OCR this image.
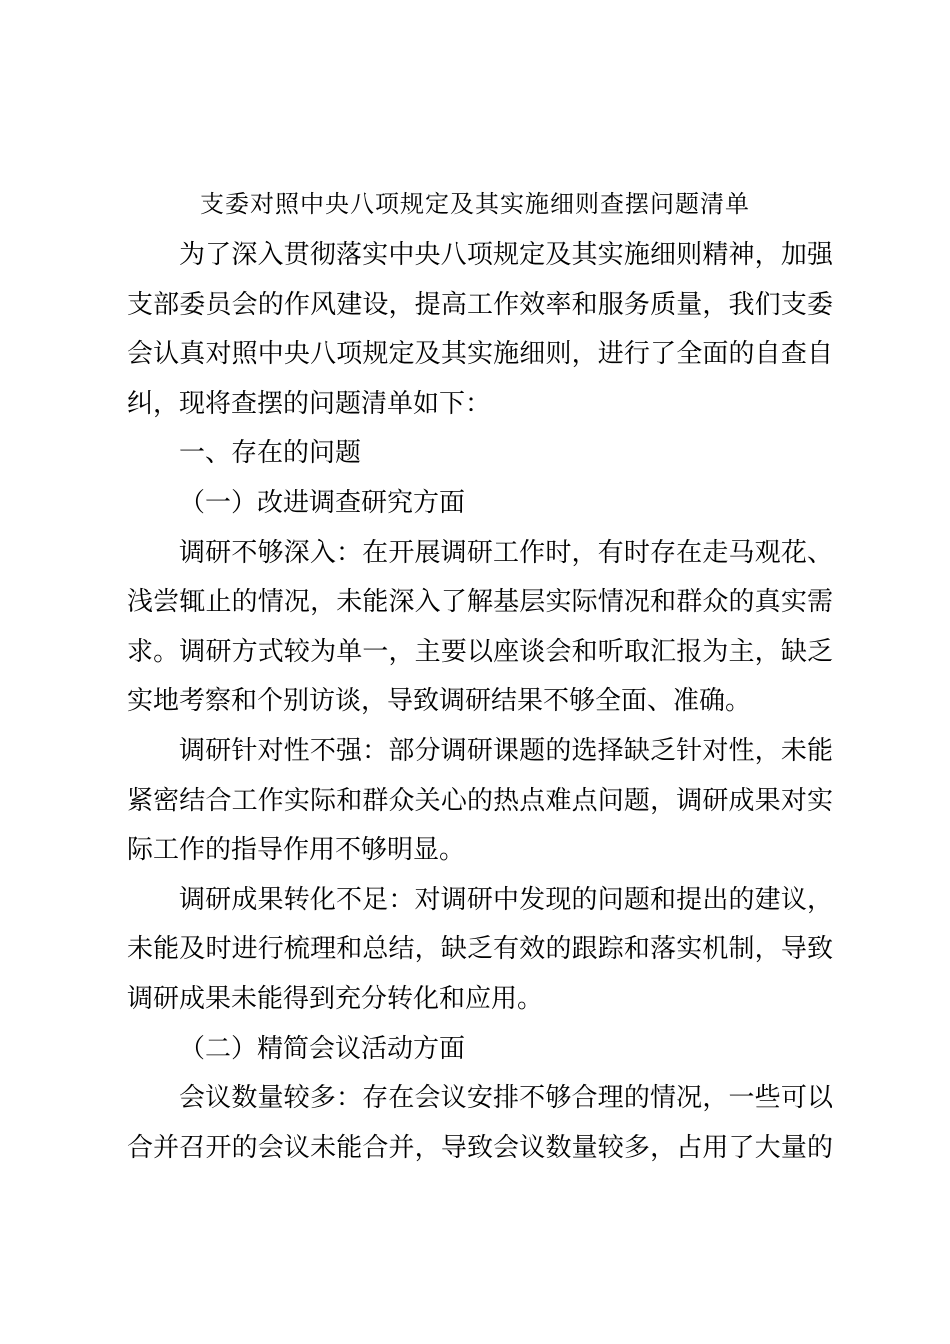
支委对照中央八项规定及其实施细则查摆问题清单
为了深入贯彻落实中央八项规定及其实施细则精神，加强
支部委员会的作风建设，提高工作效率和服务质量，我们支委
会认真对照中央八项规定及其实施细则，进行了全面的自查自
纠，现将查摆的问题清单如下：
一、存在的问题
（一）改进调查研究方面
调研不够深入：在开展调研工作时，有时存在走马观花、
浅尝辄止的情况，未能深入了解基层实际情况和群众的真实需
求。调研方式较为单一，主要以座谈会和听取汇报为主，缺乏
实地考察和个别访谈，导致调研结果不够全面、准确。
调研针对性不强：部分调研课题的选择缺乏针对性，未能
紧密结合工作实际和群众关心的热点难点问题，调研成果对实
际工作的指导作用不够明显。
调研成果转化不足：对调研中发现的问题和提出的建议，
未能及时进行梳理和总结，缺乏有效的跟踪和落实机制，导致
调研成果未能得到充分转化和应用。
（二）精简会议活动方面
会议数量较多：存在会议安排不够合理的情况，一些可以
合并召开的会议未能合并，导致会议数量较多，占用了大量的
